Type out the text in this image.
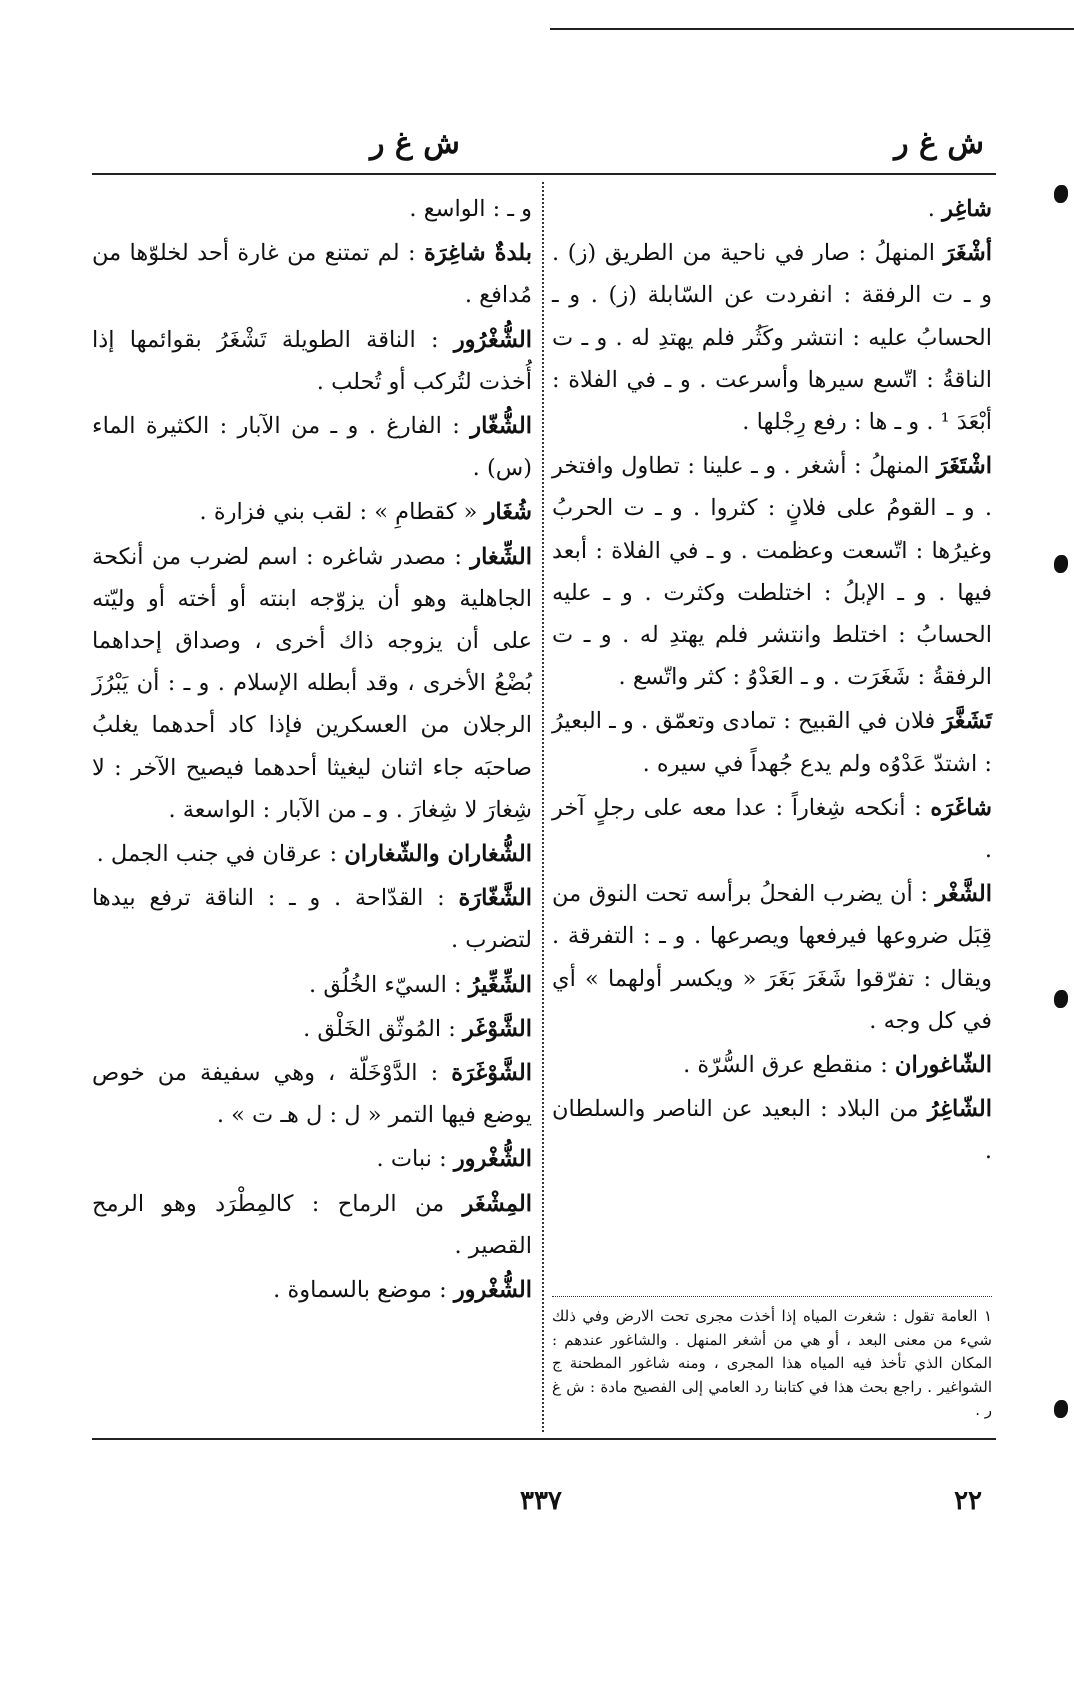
ش غ ر
ش غ ر

شاغِر .

أشْغَرَ المنهلُ : صار في ناحية من الطريق (ز) . و ـ ت الرفقة : انفردت عن السّابلة (ز) . و ـ الحسابُ عليه : انتشر وكَثُر فلم يهتدِ له . و ـ ت الناقةُ : اتّسع سيرها وأسرعت . و ـ في الفلاة : أبْعَدَ ¹ . و ـ ها : رفع رِجْلها .

اشْتَغَرَ المنهلُ : أشغر . و ـ علينا : تطاول وافتخر . و ـ القومُ على فلانٍ : كثروا . و ـ ت الحربُ وغيرُها : اتّسعت وعظمت . و ـ في الفلاة : أبعد فيها . و ـ الإبلُ : اختلطت وكثرت . و ـ عليه الحسابُ : اختلط وانتشر فلم يهتدِ له . و ـ ت الرفقةُ : شَغَرَت . و ـ العَدْوُ : كثر واتّسع .

تَشَغَّرَ فلان في القبيح : تمادى وتعمّق . و ـ البعيرُ : اشتدّ عَدْوُه ولم يدع جُهداً في سيره .

شاغَرَه : أنكحه شِغاراً : عدا معه على رجلٍ آخر .

الشَّغْر : أن يضرب الفحلُ برأسه تحت النوق من قِبَل ضروعها فيرفعها ويصرعها . و ـ : التفرقة . ويقال : تفرّقوا شَغَرَ بَغَرَ « ويكسر أولهما » أي في كل وجه .

الشّاغوران : منقطع عرق السُّرّة .

الشّاغِرُ من البلاد : البعيد عن الناصر والسلطان .

و ـ : الواسع .

بلدةٌ شاغِرَة : لم تمتنع من غارة أحد لخلوّها من مُدافع .

الشُّغْرُور : الناقة الطويلة تَشْغَرُ بقوائمها إذا أُخذت لتُركب أو تُحلب .

الشُّغّار : الفارغ . و ـ من الآبار : الكثيرة الماء (س) .

شُغَار « كقطامِ » : لقب بني فزارة .

الشِّغار : مصدر شاغره : اسم لضرب من أنكحة الجاهلية وهو أن يزوّجه ابنته أو أخته أو وليّته على أن يزوجه ذاك أخرى ، وصداق إحداهما بُضْعُ الأخرى ، وقد أبطله الإسلام . و ـ : أن يَبْرُزَ الرجلان من العسكرين فإذا كاد أحدهما يغلبُ صاحبَه جاء اثنان ليغيثا أحدهما فيصيح الآخر : لا شِغارَ لا شِغارَ . و ـ من الآبار : الواسعة .

الشُّغاران والشّغاران : عرقان في جنب الجمل .

الشَّغّارَة : القدّاحة . و ـ : الناقة ترفع بيدها لتضرب .

الشِّغِّيرُ : السيّء الخُلُق .

الشَّوْغَر : المُوثّق الخَلْق .

الشَّوْغَرَة : الدَّوْخَلّة ، وهي سفيفة من خوص يوضع فيها التمر « ل : ل هـ ت » .

الشُّغْرور : نبات .

المِشْغَر من الرماح : كالمِطْرَد وهو الرمح القصير .

الشُّغْرور : موضع بالسماوة .

١ العامة تقول : شغرت المياه إذا أخذت مجرى تحت الارض وفي ذلك شيء من معنى البعد ، أو هي من أشغر المنهل . والشاغور عندهم : المكان الذي تأخذ فيه المياه هذا المجرى ، ومنه شاغور المطحنة ج الشواغير . راجع بحث هذا في كتابنا رد العامي إلى الفصيح مادة : ش غ ر .
٢٢
٣٣٧
